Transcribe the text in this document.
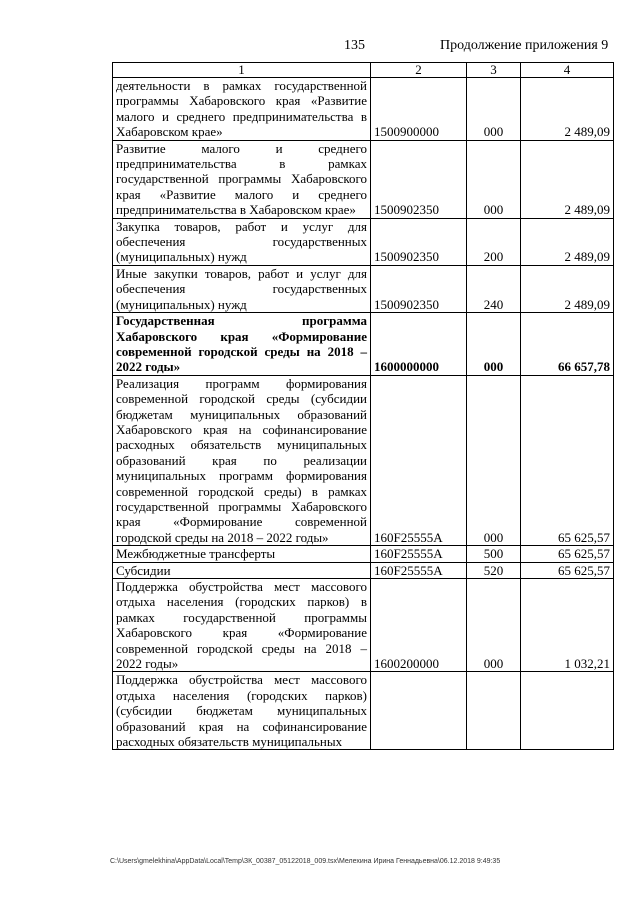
135	Продолжение приложения 9
1	2	3	4
деятельности в рамках государственной программы Хабаровского края «Развитие малого и среднего предпринимательства в Хабаровском крае»	1500900000	000	2 489,09
Развитие малого и среднего предпринимательства в рамках государственной программы Хабаровского края «Развитие малого и среднего предпринимательства в Хабаровском крае»	1500902350	000	2 489,09
Закупка товаров, работ и услуг для обеспечения государственных (муниципальных) нужд	1500902350	200	2 489,09
Иные закупки товаров, работ и услуг для обеспечения государственных (муниципальных) нужд	1500902350	240	2 489,09
Государственная программа Хабаровского края «Формирование современной городской среды на 2018 – 2022 годы»	1600000000	000	66 657,78
Реализация программ формирования современной городской среды (субсидии бюджетам муниципальных образований Хабаровского края на софинансирование расходных обязательств муниципальных образований края по реализации муниципальных программ формирования современной городской среды) в рамках государственной программы Хабаровского края «Формирование современной городской среды на 2018 – 2022 годы»	160F25555A	000	65 625,57
Межбюджетные трансферты	160F25555A	500	65 625,57
Субсидии	160F25555A	520	65 625,57
Поддержка обустройства мест массового отдыха населения (городских парков) в рамках государственной программы Хабаровского края «Формирование современной городской среды на 2018 – 2022 годы»	1600200000	000	1 032,21
Поддержка обустройства мест массового отдыха населения (городских парков) (субсидии бюджетам муниципальных образований края на софинансирование расходных обязательств муниципальных			
C:\Users\gmelekhina\AppData\Local\Temp\ЗК_00387_05122018_009.tsx\Мелехина Ирина Геннадьевна\06.12.2018 9:49:35
